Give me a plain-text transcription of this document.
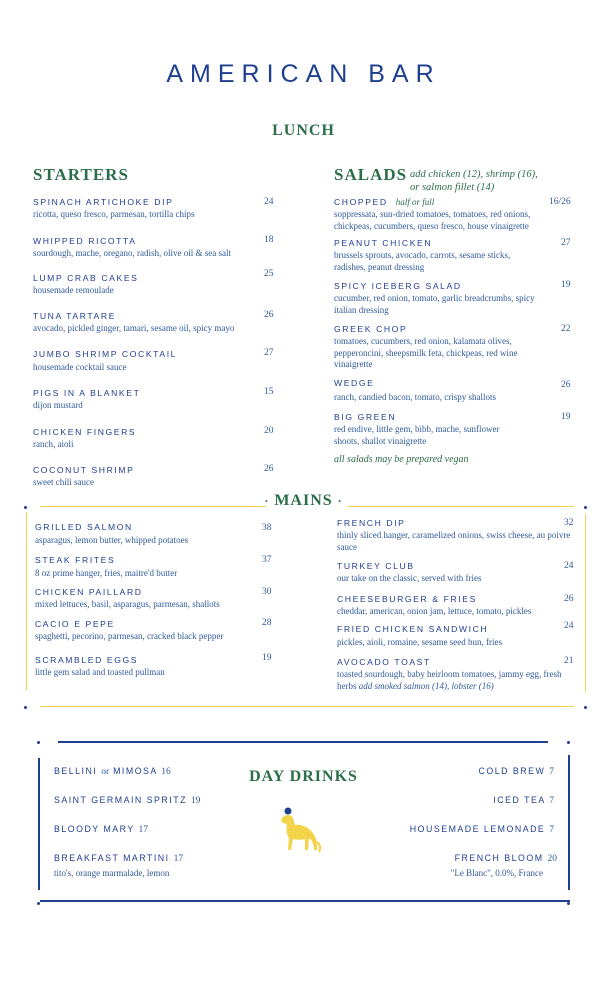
AMERICAN BAR
LUNCH
STARTERS
SPINACH ARTICHOKE DIP	24
ricotta, queso fresco, parmesan, tortilla chips
WHIPPED RICOTTA	18
sourdough, mache, oregano, radish, olive oil & sea salt
LUMP CRAB CAKES	25
housemade remoulade
TUNA TARTARE	26
avocado, pickled ginger, tamari, sesame oil, spicy mayo
JUMBO SHRIMP COCKTAIL	27
housemade cocktail sauce
PIGS IN A BLANKET	15
dijon mustard
CHICKEN FINGERS	20
ranch, aioli
COCONUT SHRIMP	26
sweet chili sauce
SALADS add chicken (12), shrimp (16),
or salmon fillet (14)
CHOPPED half or full	16/26
soppressata, sun-dried tomatoes, tomatoes, red onions, chickpeas, cucumbers, queso fresco, house vinaigrette
PEANUT CHICKEN	27
brussels sprouts, avocado, carrots, sesame sticks, radishes, peanut dressing
SPICY ICEBERG SALAD	19
cucumber, red onion, tomato, garlic breadcrumbs, spicy italian dressing
GREEK CHOP	22
tomatoes, cucumbers, red onion, kalamata olives, pepperoncini, sheepsmilk feta, chickpeas, red wine vinaigrette
WEDGE	26
ranch, candied bacon, tomato, crispy shallots
BIG GREEN	19
red endive, little gem, bibb, mache, sunflower shoots, shallot vinaigrette
all salads may be prepared vegan
· MAINS ·
GRILLED SALMON	38
asparagus, lemon butter, whipped potatoes
STEAK FRITES	37
8 oz prime hanger, fries, maitre'd butter
CHICKEN PAILLARD	30
mixed lettuces, basil, asparagus, parmesan, shallots
CACIO E PEPE	28
spaghetti, pecorino, parmesan, cracked black pepper
SCRAMBLED EGGS	19
little gem salad and toasted pullman
FRENCH DIP	32
thinly sliced hanger, caramelized onions, swiss cheese, au poivre sauce
TURKEY CLUB	24
our take on the classic, served with fries
CHEESEBURGER & FRIES	26
cheddar, american, onion jam, lettuce, tomato, pickles
FRIED CHICKEN SANDWICH	24
pickles, aioli, romaine, sesame seed bun, fries
AVOCADO TOAST	21
toasted sourdough, baby heirloom tomatoes, jammy egg, fresh herbs add smoked salmon (14), lobster (16)
DAY DRINKS
BELLINI or MIMOSA 16
SAINT GERMAIN SPRITZ 19
BLOODY MARY 17
BREAKFAST MARTINI 17
tito's, orange marmalade, lemon
COLD BREW 7
ICED TEA 7
HOUSEMADE LEMONADE 7
FRENCH BLOOM 20
"Le Blanc", 0.0%, France
